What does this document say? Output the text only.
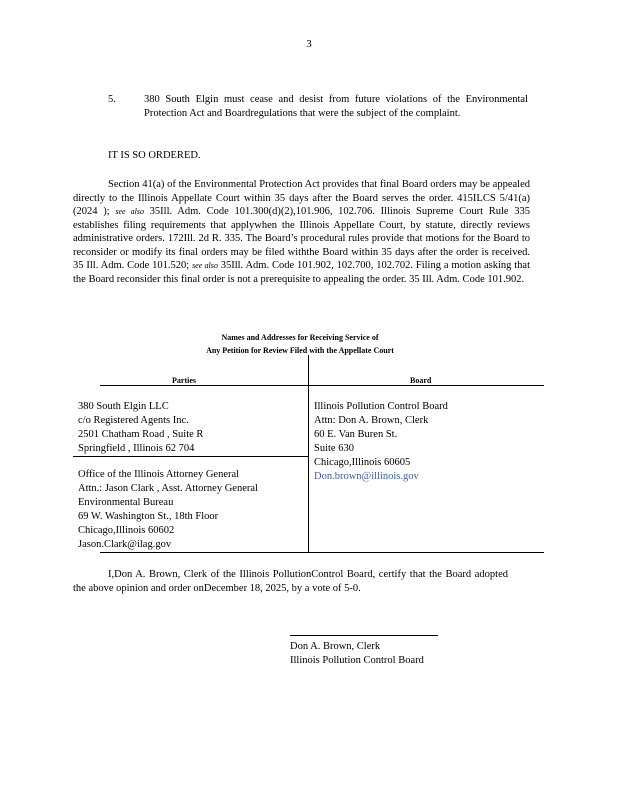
3
5.	380 South Elgin must cease and desist from future violations of the Environmental Protection Act and Boardregulations that were the subject of the complaint.
IT IS SO ORDERED.

Section 41(a) of the Environmental Protection Act provides that final Board orders may be appealed directly to the Illinois Appellate Court within 35 days after the Board serves the order. 415ILCS 5/41(a) (2024 ); see also 35Ill. Adm. Code 101.300(d)(2),101.906, 102.706. Illinois Supreme Court Rule 335 establishes filing requirements that applywhen the Illinois Appellate Court, by statute, directly reviews administrative orders. 172Ill. 2d R. 335. The Board’s procedural rules provide that motions for the Board to reconsider or modify its final orders may be filed withthe Board within 35 days after the order is received. 35 Ill. Adm. Code 101.520; see also 35Ill. Adm. Code 101.902, 102.700, 102.702. Filing a motion asking that the Board reconsider this final order is not a prerequisite to appealing the order. 35 Ill. Adm. Code 101.902.

Names and Addresses for Receiving Service of
Any Petition for Review Filed with the Appellate Court
Parties	Board
380 South Elgin LLC
c/o Registered Agents Inc.
2501 Chatham Road , Suite R
Springfield , Illinois 62 704
Office of the Illinois Attorney General
Attn.: Jason Clark , Asst. Attorney General
Environmental Bureau
69 W. Washington St., 18th Floor
Chicago,Illinois 60602
Jason.Clark@ilag.gov
Illinois Pollution Control Board
Attn: Don A. Brown, Clerk
60 E. Van Buren St.
Suite 630
Chicago,Illinois 60605
Don.brown@illinois.gov

I,Don A. Brown, Clerk of the Illinois PollutionControl Board, certify that the Board adopted the above opinion and order onDecember 18, 2025, by a vote of 5-0.

Don A. Brown, Clerk
Illinois Pollution Control Board
